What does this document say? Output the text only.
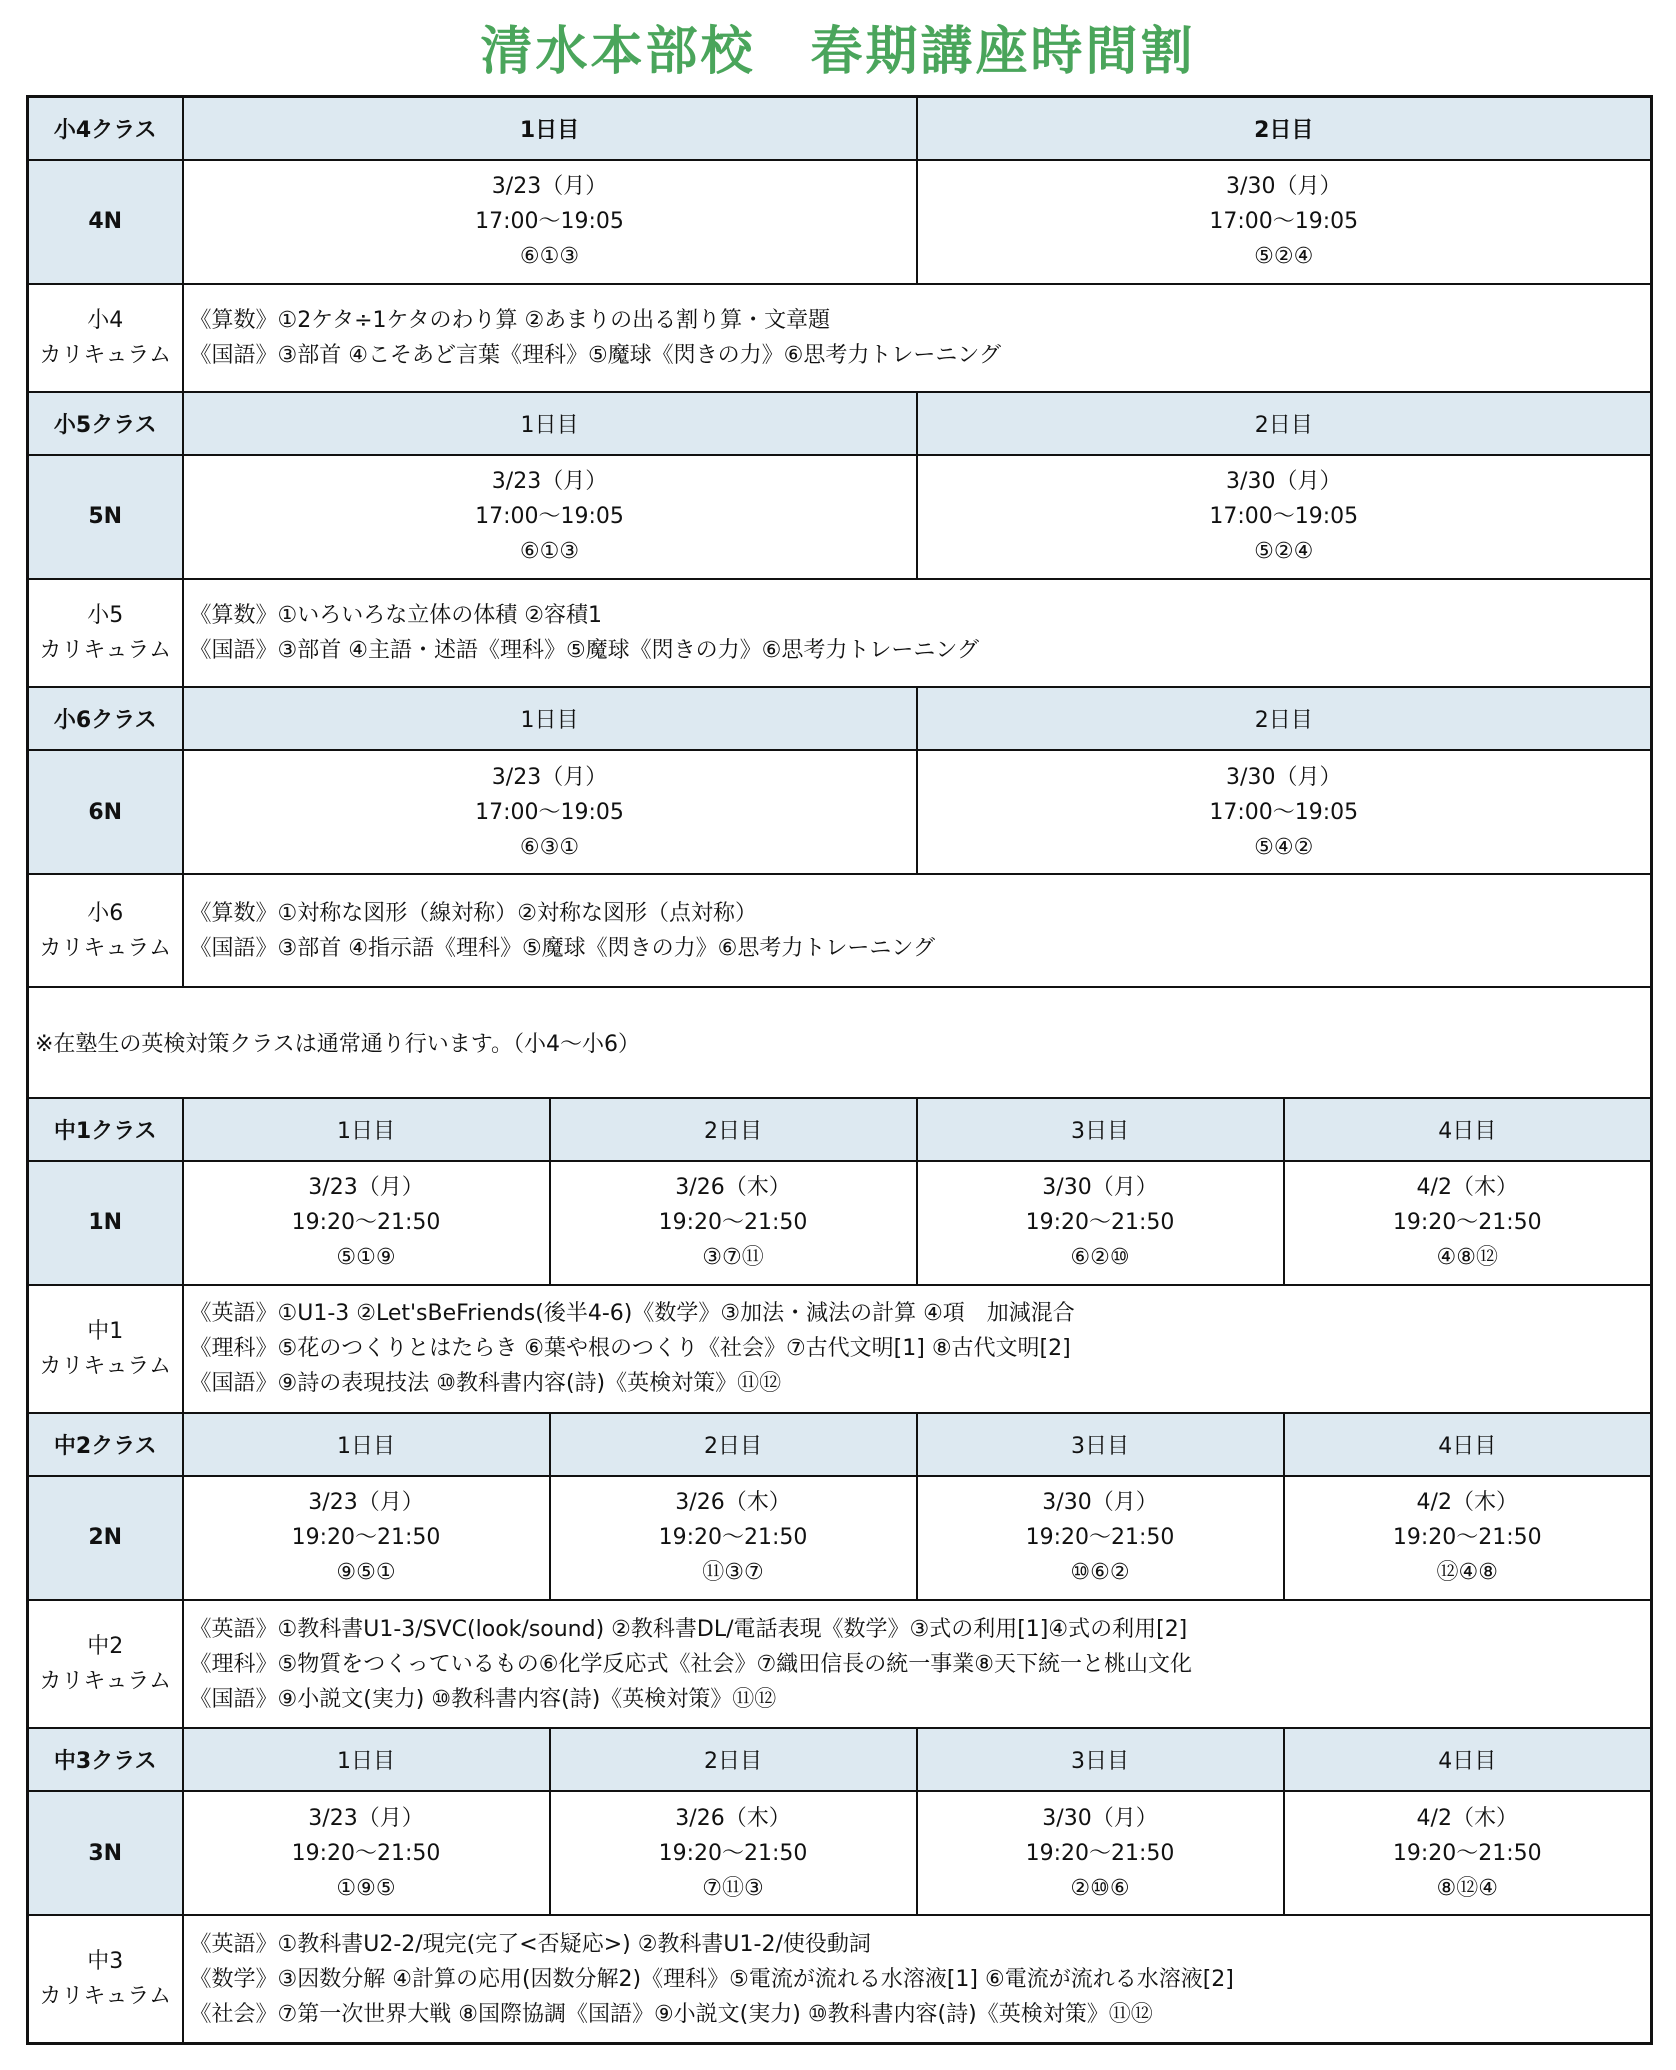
清水本部校　春期講座時間割
小4クラス	1日目		2日目	
4N	3/23（月）
17:00～19:05
⑥①③		3/30（月）
17:00～19:05
⑤②④	

小4
カリキュラム	《算数》①2ケタ÷1ケタのわり算 ②あまりの出る割り算・文章題
《国語》③部首 ④こそあど言葉《理科》⑤魔球《閃きの力》⑥思考力トレーニング			

小5クラス	1日目		2日目	
5N	3/23（月）
17:00～19:05
⑥①③		3/30（月）
17:00～19:05
⑤②④	

小5
カリキュラム	《算数》①いろいろな立体の体積 ②容積1
《国語》③部首 ④主語・述語《理科》⑤魔球《閃きの力》⑥思考力トレーニング			

小6クラス	1日目		2日目	
6N	3/23（月）
17:00～19:05
⑥③①		3/30（月）
17:00～19:05
⑤④②	

小6
カリキュラム	《算数》①対称な図形（線対称）②対称な図形（点対称）
《国語》③部首 ④指示語《理科》⑤魔球《閃きの力》⑥思考力トレーニング			

※在塾生の英検対策クラスは通常通り行います。（小4～小6）				
中1クラス	1日目	2日目	3日目	4日目
1N	3/23（月）
19:20～21:50
⑤①⑨	3/26（木）
19:20～21:50
③⑦⑪	3/30（月）
19:20～21:50
⑥②⑩	4/2（木）
19:20～21:50
④⑧⑫

中1
カリキュラム	《英語》①U1-3 ②Let'sBeFriends(後半4-6)《数学》③加法・減法の計算 ④項　加減混合
《理科》⑤花のつくりとはたらき ⑥葉や根のつくり《社会》⑦古代文明[1] ⑧古代文明[2]
《国語》⑨詩の表現技法 ⑩教科書内容(詩)《英検対策》⑪⑫			

中2クラス	1日目	2日目	3日目	4日目
2N	3/23（月）
19:20～21:50
⑨⑤①	3/26（木）
19:20～21:50
⑪③⑦	3/30（月）
19:20～21:50
⑩⑥②	4/2（木）
19:20～21:50
⑫④⑧

中2
カリキュラム	《英語》①教科書U1-3/SVC(look/sound) ②教科書DL/電話表現《数学》③式の利用[1]④式の利用[2]
《理科》⑤物質をつくっているもの⑥化学反応式《社会》⑦織田信長の統一事業⑧天下統一と桃山文化
《国語》⑨小説文(実力) ⑩教科書内容(詩)《英検対策》⑪⑫			

中3クラス	1日目	2日目	3日目	4日目
3N	3/23（月）
19:20～21:50
①⑨⑤	3/26（木）
19:20～21:50
⑦⑪③	3/30（月）
19:20～21:50
②⑩⑥	4/2（木）
19:20～21:50
⑧⑫④

中3
カリキュラム	《英語》①教科書U2-2/現完(完了<否疑応>) ②教科書U1-2/使役動詞
《数学》③因数分解 ④計算の応用(因数分解2)《理科》⑤電流が流れる水溶液[1] ⑥電流が流れる水溶液[2]
《社会》⑦第一次世界大戦 ⑧国際協調《国語》⑨小説文(実力) ⑩教科書内容(詩)《英検対策》⑪⑫			
